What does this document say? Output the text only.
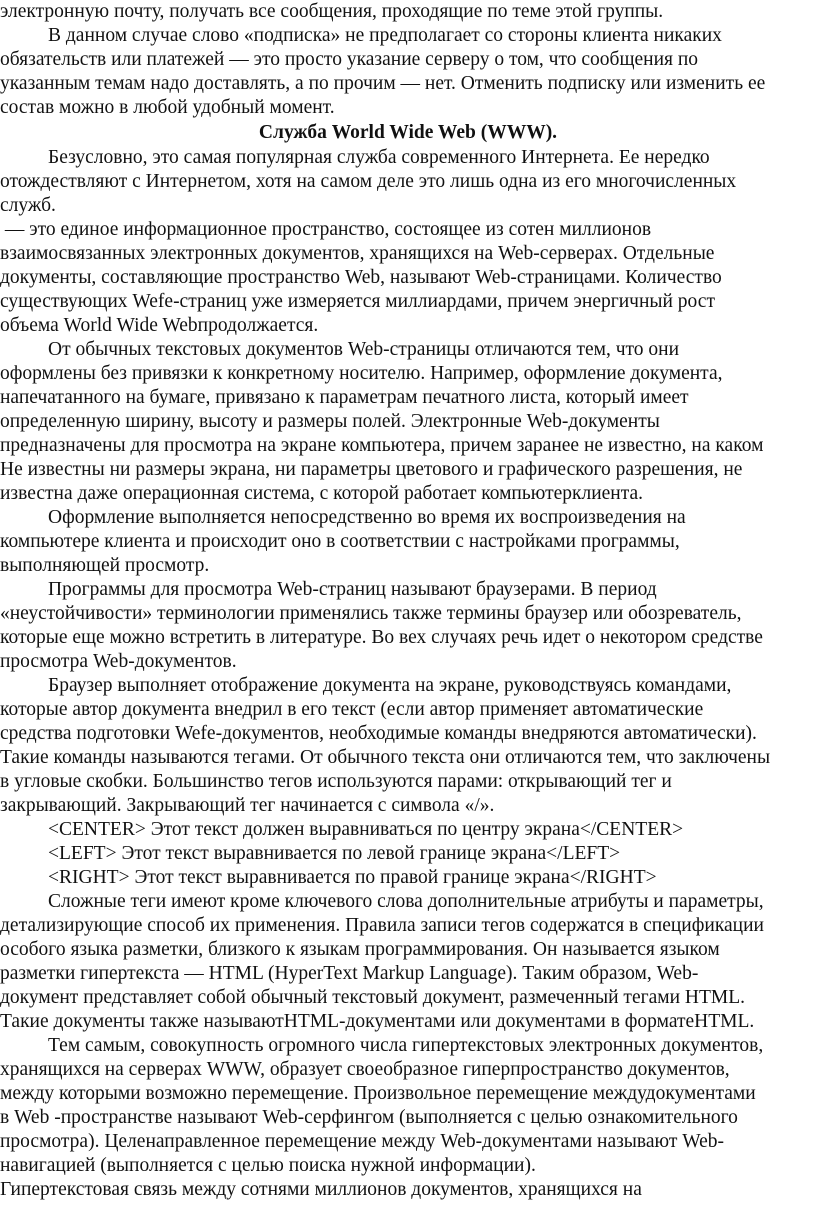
электронную почту, получать все сообщения, проходящие по теме этой группы.
В данном случае слово «подписка» не предполагает со стороны клиента никаких
обязательств или платежей — это просто указание серверу о том, что сообщения по
указанным темам надо доставлять, а по прочим — нет. Отменить подписку или изменить ее
состав можно в любой удобный момент.
Служба World Wide Web (WWW).
Безусловно, это самая популярная служба современного Интернета. Ее нередко
отождествляют с Интернетом, хотя на самом деле это лишь одна из его многочисленных
служб.
— это единое информационное пространство, состоящее из сотен миллионов
взаимосвязанных электронных документов, хранящихся на Web-серверах. Отдельные
документы, составляющие пространство Web, называют Web-страницами. Количество
существующих Wefe-страниц уже измеряется миллиардами, причем энергичный рост
объема World Wide Webпродолжается.
От обычных текстовых документов Web-страницы отличаются тем, что они
оформлены без привязки к конкретному носителю. Например, оформление документа,
напечатанного на бумаге, привязано к параметрам печатного листа, который имеет
определенную ширину, высоту и размеры полей. Электронные Web-документы
предназначены для просмотра на экране компьютера, причем заранее не известно, на каком
Не известны ни размеры экрана, ни параметры цветового и графического разрешения, не
известна даже операционная система, с которой работает компьютерклиента.
Оформление выполняется непосредственно во время их воспроизведения на
компьютере клиента и происходит оно в соответствии с настройками программы,
выполняющей просмотр.
Программы для просмотра Web-страниц называют браузерами. В период
«неустойчивости» терминологии применялись также термины браузер или обозреватель,
которые еще можно встретить в литературе. Во вех случаях речь идет о некотором средстве
просмотра Web-документов.
Браузер выполняет отображение документа на экране, руководствуясь командами,
которые автор документа внедрил в его текст (если автор применяет автоматические
средства подготовки Wefe-документов, необходимые команды внедряются автоматически).
Такие команды называются тегами. От обычного текста они отличаются тем, что заключены
в угловые скобки. Большинство тегов используются парами: открывающий тег и
закрывающий. Закрывающий тег начинается с символа «/».
<CENTER> Этот текст должен выравниваться по центру экрана</CENTER>
<LEFT> Этот текст выравнивается по левой границе экрана</LEFT>
<RIGHT> Этот текст выравнивается по правой границе экрана</RIGHT>
Сложные теги имеют кроме ключевого слова дополнительные атрибуты и параметры,
детализирующие способ их применения. Правила записи тегов содержатся в спецификации
особого языка разметки, близкого к языкам программирования. Он называется языком
разметки гипертекста — HTML (HyperText Markup Language). Таким образом, Web-
документ представляет собой обычный текстовый документ, размеченный тегами HTML.
Такие документы также называютHTML-документами или документами в форматеHTML.
Тем самым, совокупность огромного числа гипертекстовых электронных документов,
хранящихся на серверах WWW, образует своеобразное гиперпространство документов,
между которыми возможно перемещение. Произвольное перемещение междудокументами
в Web -пространстве называют Web-серфингом (выполняется с целью ознакомительного
просмотра). Целенаправленное перемещение между Web-документами называют Web-
навигацией (выполняется с целью поиска нужной информации).
Гипертекстовая связь между сотнями миллионов документов, хранящихся на
